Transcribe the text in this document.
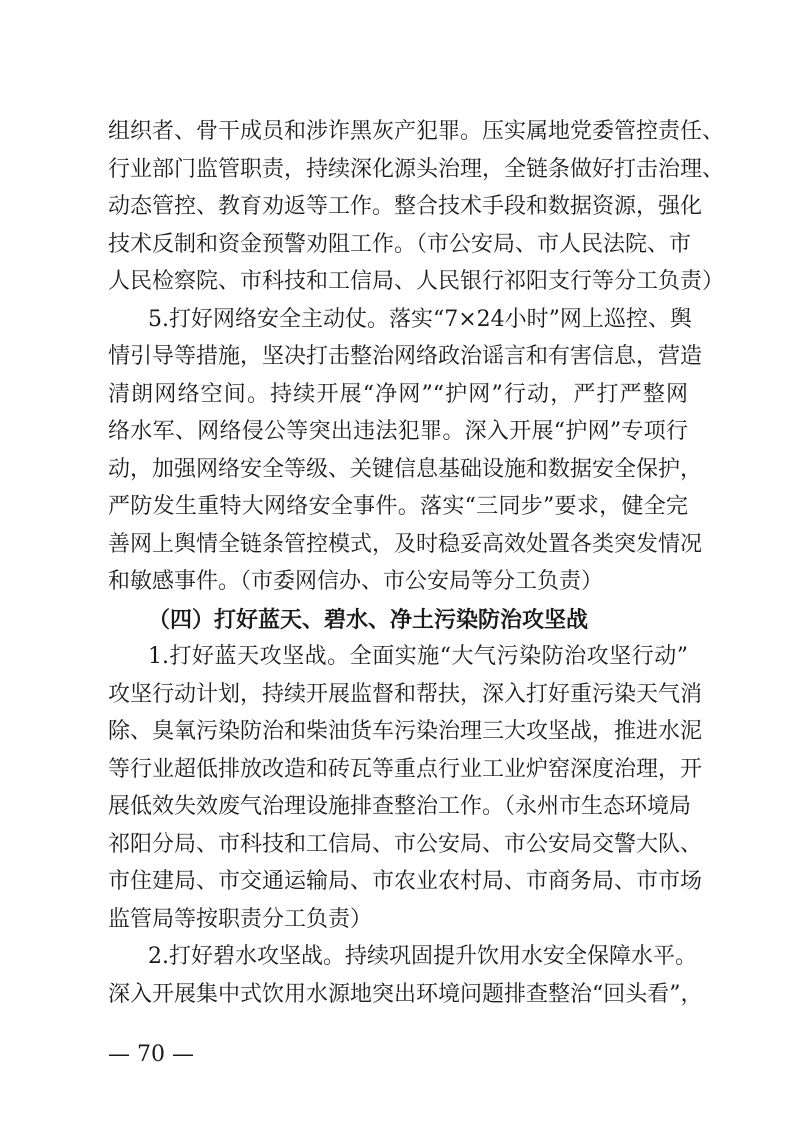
组织者、骨干成员和涉诈黑灰产犯罪。压实属地党委管控责任、
行业部门监管职责，持续深化源头治理，全链条做好打击治理、
动态管控、教育劝返等工作。整合技术手段和数据资源，强化
技术反制和资金预警劝阻工作。（市公安局、市人民法院、市
人民检察院、市科技和工信局、人民银行祁阳支行等分工负责）
5.打好网络安全主动仗。落实“7×24小时”网上巡控、舆
情引导等措施，坚决打击整治网络政治谣言和有害信息，营造
清朗网络空间。持续开展“净网”“护网”行动，严打严整网
络水军、网络侵公等突出违法犯罪。深入开展“护网”专项行
动，加强网络安全等级、关键信息基础设施和数据安全保护，
严防发生重特大网络安全事件。落实“三同步”要求，健全完
善网上舆情全链条管控模式，及时稳妥高效处置各类突发情况
和敏感事件。（市委网信办、市公安局等分工负责）
（四）打好蓝天、碧水、净土污染防治攻坚战
1.打好蓝天攻坚战。全面实施“大气污染防治攻坚行动”
攻坚行动计划，持续开展监督和帮扶，深入打好重污染天气消
除、臭氧污染防治和柴油货车污染治理三大攻坚战，推进水泥
等行业超低排放改造和砖瓦等重点行业工业炉窑深度治理，开
展低效失效废气治理设施排查整治工作。（永州市生态环境局
祁阳分局、市科技和工信局、市公安局、市公安局交警大队、
市住建局、市交通运输局、市农业农村局、市商务局、市市场
监管局等按职责分工负责）
— 70 —
2.打好碧水攻坚战。持续巩固提升饮用水安全保障水平。
深入开展集中式饮用水源地突出环境问题排查整治“回头看”，
